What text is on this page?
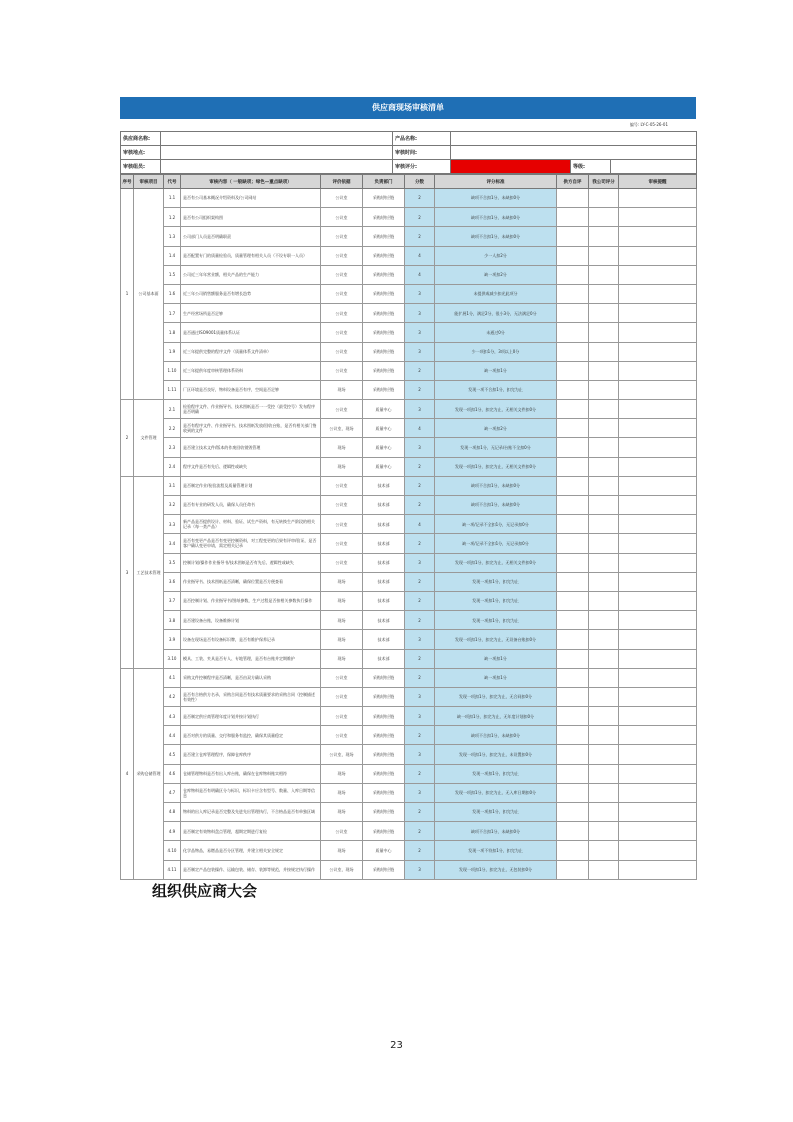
供应商现场审核清单
编号: LY-C-05-26-01
供应商名称:		产品名称:			
审核地点:		审核时间:			
审核组员:		审核评分:		等级:	
序号	审核项目	代号	审核内容（ 一般缺项；绿色—重点缺项）	评价依据	负责部门	分数	评分标准	供方自评	我公司评分	审核提醒
1	公司基本面	1.1	是否有公司基本概况介绍资料及/公司网站	公议室	采购/供应链	2	缺项不合扣1分，未缺扣0分			
		1.2	是否有公司组织架构图	公议室	采购/供应链	2	缺项不合扣1分，未缺扣0分			
		1.3	公司部门人员是否明确职责	公议室	采购/供应链	2	缺项不合扣1分，未缺扣0分			
		1.4	是否配置专门的质量检验员，质量管理有相关人员（不设专职一人员）	公议室	采购/供应链	4	少一人扣2分			
		1.5	公司近三年年营业额，相关产品的生产能力	公议室	采购/供应链	4	缺一项扣2分			
		1.6	近三年公司销售额服务是否有增长趋势	公议室	采购/供应链	3	未提供或减少扣光此项分			
		1.7	生产经营场所是否足够	公议室	采购/供应链	3	能扩展1分，满足2分，很小3分，无法满足0分			
		1.8	是否通过ISO9001质量体系认证	公议室	采购/供应链	3	未通过0分			
		1.9	近三年提供完整的程序文件（质量体系文件清单）	公议室	采购/供应链	3	少一项扣1分，3项以上0分			
		1.10	近三年提供年度审核管理体系资料	公议室	采购/供应链	2	缺一项扣1分			
		1.11	厂区环境是否良好，物料设备是否有序，空间是否足够	现场	采购/供应链	2	发现一项不合扣1分，扣完为止			
2	文件管理	2.1	检验程序文件、作业指导书、技术图纸是否一一受控（最受控号）发布程序是否明确	公议室	质量中心	3	发现一项扣1分，扣完为止，无相关文件扣0分			
		2.2	是否有程序文件、作业指导书、技术图纸发放/回收台账，是否有相关部门签收到的文件	公议室，现场	质量中心	4	缺一项扣2分			
		2.3	是否建立技术文件/版本的作废回收销毁管理	现场	质量中心	3	发现一项扣1分，无记录/台账不全扣0分			
		2.4	程序文件是否有先后、逻辑性或缺失	现场	质量中心	2	发现一项扣1分，扣完为止，无相关文件扣0分			
3	工艺技术管理	3.1	是否制定作业/检验流程及质量管理计划	公议室	技术部	2	缺项不合扣1分，未缺扣0分			
		3.2	是否有专业的研发人员，确保人员任命书	公议室	技术部	2	缺项不合扣1分，未缺扣0分			
		3.3	新产品是否提供设计、材料、验证、试生产资料，有无转换生产阶段的相关记录（每一类产品）	公议室	技术部	4	缺一项/记录不全扣1分，无记录扣0分			
		3.4	是否有变更产品是否有变更控制资料，对工程变更的后果有评审/验证，是否客户确认变更申请，需定相关记录	公议室	技术部	2	缺一项/记录不全扣1分，无记录扣0分			
		3.5	控制计划/操作作业指导书/技术图纸是否有先后、逻辑性或缺失	公议室	技术部	3	发现一项扣1分，扣完为止，无相关文件扣0分			
		3.6	作业指导书、技术图纸是否清晰，确保位置是否方便查看	现场	技术部	2	发现一项扣1分，扣完为止			
		3.7	是否控制计划、作业指导书/图纸参数，生产过程是否按相关参数执行操作	现场	技术部	2	发现一项扣1分，扣完为止			
		3.8	是否建设备台账，设备维修计划	现场	技术部	2	发现一项扣1分，扣完为止			
		3.9	设备在现场是否有设备标识牌，是否有维护保养记录	现场	技术部	3	发现一项扣1分，扣完为止，无设备台账扣0分			
		3.10	模具、工装、夹具是否专人、专地管理，是否有台账并定期维护	现场	技术部	2	缺一项扣1分			
4	采购仓储管理	4.1	采购文件控制程序是否清晰，是否由双方确认采购	公议室	采购/供应链	2	缺一项扣1分			
		4.2	是否有合格供方名录，采购合同是否有技术质量要求的采购合同（控制描述有效性）	公议室	采购/供应链	3	发现一项扣1分，扣完为止，无合同扣0分			
		4.3	是否制定供应商管理年度计划并按计划执行	公议室	采购/供应链	3	缺一项扣1分，扣完为止，无年度计划扣0分			
		4.4	是否对供方的质量、交付和服务有监控，确保其质量稳定	公议室	采购/供应链	2	缺项不合扣1分，未缺扣0分			
		4.5	是否建立仓库管理程序，保障仓库秩序	公议室，现场	采购/供应链	3	发现一项扣1分，扣完为止，未设置扣0分			
		4.6	仓储管理物料是否有出入库台账，确保在仓库物料账实相符	现场	采购/供应链	2	发现一项扣1分，扣完为止			
		4.7	仓库物料是否有明确区分与标识，标识卡应含有型号、数量、入库日期等信息	现场	采购/供应链	3	发现一项扣1分，扣完为止，无入库日期扣0分			
		4.8	物料的出入库记录是否完整及先进先出管理执行，不合格品是否有单独区域	现场	采购/供应链	2	发现一项扣1分，扣完为止			
		4.9	是否制定有效物料盘点管理，超期定期进行复检	公议室	采购/供应链	2	缺项不合扣1分，未缺扣0分			
		4.10	化学品物品，易燃品是否分区管理，并建立相关安全规定	现场	质量中心	2	发现一项不符扣1分，扣完为止			
		4.11	是否制定产品包装操作、运输包装、储存、装卸等规范，并按规定执行操作	公议室，现场	采购/供应链	3	发现一项扣1分，扣完为止，无包装扣0分			
组织供应商大会
23
